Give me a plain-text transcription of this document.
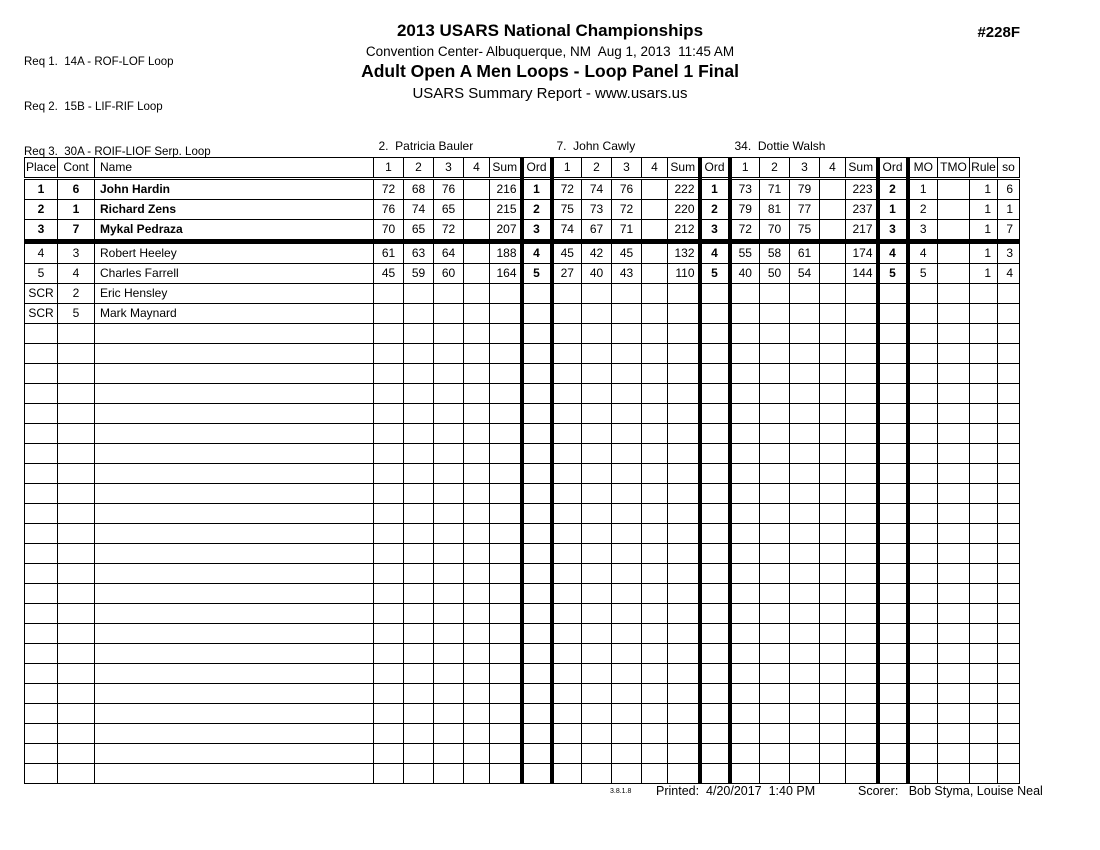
Req 1.  14A - ROF-LOF Loop

Req 2.  15B - LIF-RIF Loop

Req 3.  30A - ROIF-LIOF Serp. Loop

2013 USARS National Championships
Convention Center- Albuquerque, NM  Aug 1, 2013  11:45 AM
Adult Open A Men Loops - Loop Panel 1 Final
USARS Summary Report - www.usars.us
#228F
			2.  Patricia Bauler						7.  John Cawly						34.  Dottie Walsh									
Place	Cont	Name	1	2	3	4	Sum	Ord	1	2	3	4	Sum	Ord	1	2	3	4	Sum	Ord	MO	TMO	Rule	so
1	6	John Hardin	72	68	76		216	1	72	74	76		222	1	73	71	79		223	2	1		1	6
2	1	Richard Zens	76	74	65		215	2	75	73	72		220	2	79	81	77		237	1	2		1	1
3	7	Mykal Pedraza	70	65	72		207	3	74	67	71		212	3	72	70	75		217	3	3		1	7
4	3	Robert Heeley	61	63	64		188	4	45	42	45		132	4	55	58	61		174	4	4		1	3
5	4	Charles Farrell	45	59	60		164	5	27	40	43		110	5	40	50	54		144	5	5		1	4
SCR	2	Eric Hensley																						
SCR	5	Mark Maynard																						

3.8.1.8 Printed:  4/20/2017  1:40 PM	Scorer:   Bob Styma, Louise Neal
